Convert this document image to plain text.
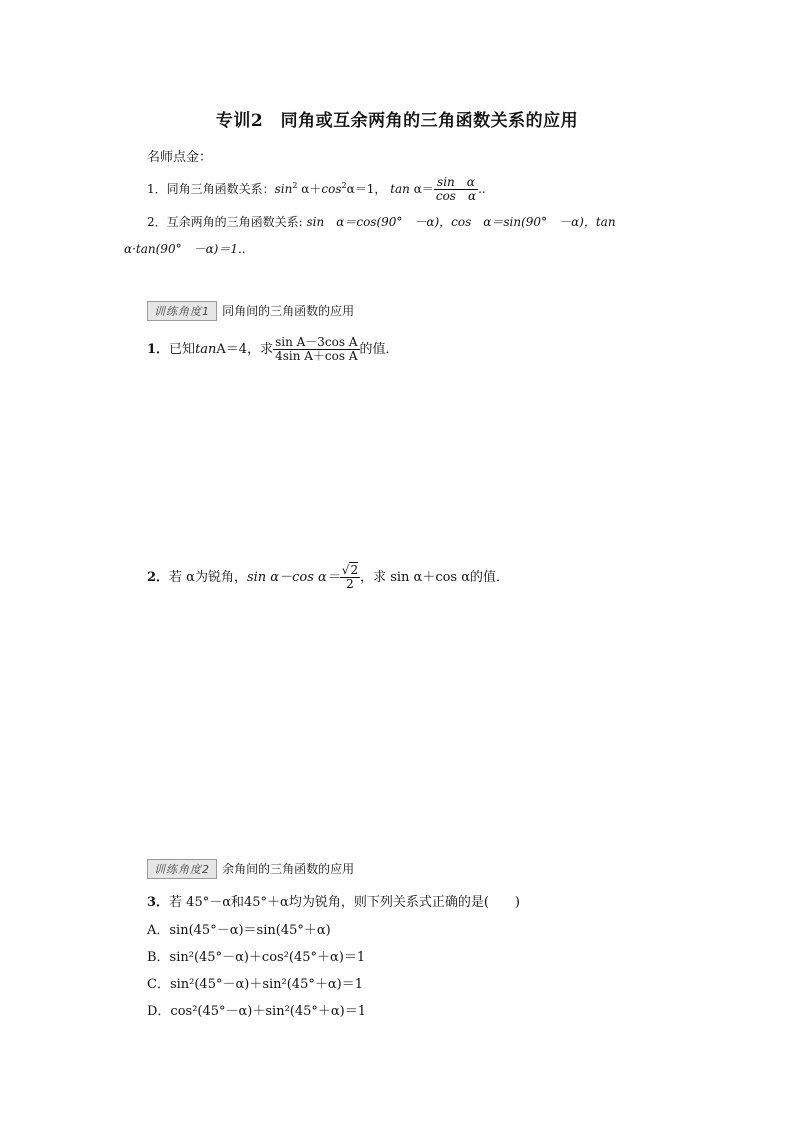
专训2　同角或互余两角的三角函数关系的应用
名师点金：
1．同角三角函数关系：$\sin^2 \alpha+\cos^2\alpha=1$， $\tan \alpha= \frac{\text{sin　α}}{\text{cos　α}}$ ..
2．互余两角的三角函数关系: sin　α＝cos(90°　－α)，cos　α＝sin(90°　－α)，tan
α·tan(90°　－α)＝1..
训练角度1 同角间的三角函数的应用
1．已知tanA＝4，求 $\frac{\text{sin A－3cos A}}{\text{4sin A＋cos A}}$ 的值．
2．若 α为锐角，sin α－cos $\alpha= \frac{√2}{2}$ ，求 sin α＋cos α的值．
训练角度2 余角间的三角函数的应用
3．若 45°－α和45°＋α均为锐角，则下列关系式正确的是(　　)
A．sin(45°－α)＝sin(45°＋α)
B．sin²(45°－α)＋cos²(45°＋α)＝1
C．sin²(45°－α)＋sin²(45°＋α)＝1
D．cos²(45°－α)＋sin²(45°＋α)＝1
